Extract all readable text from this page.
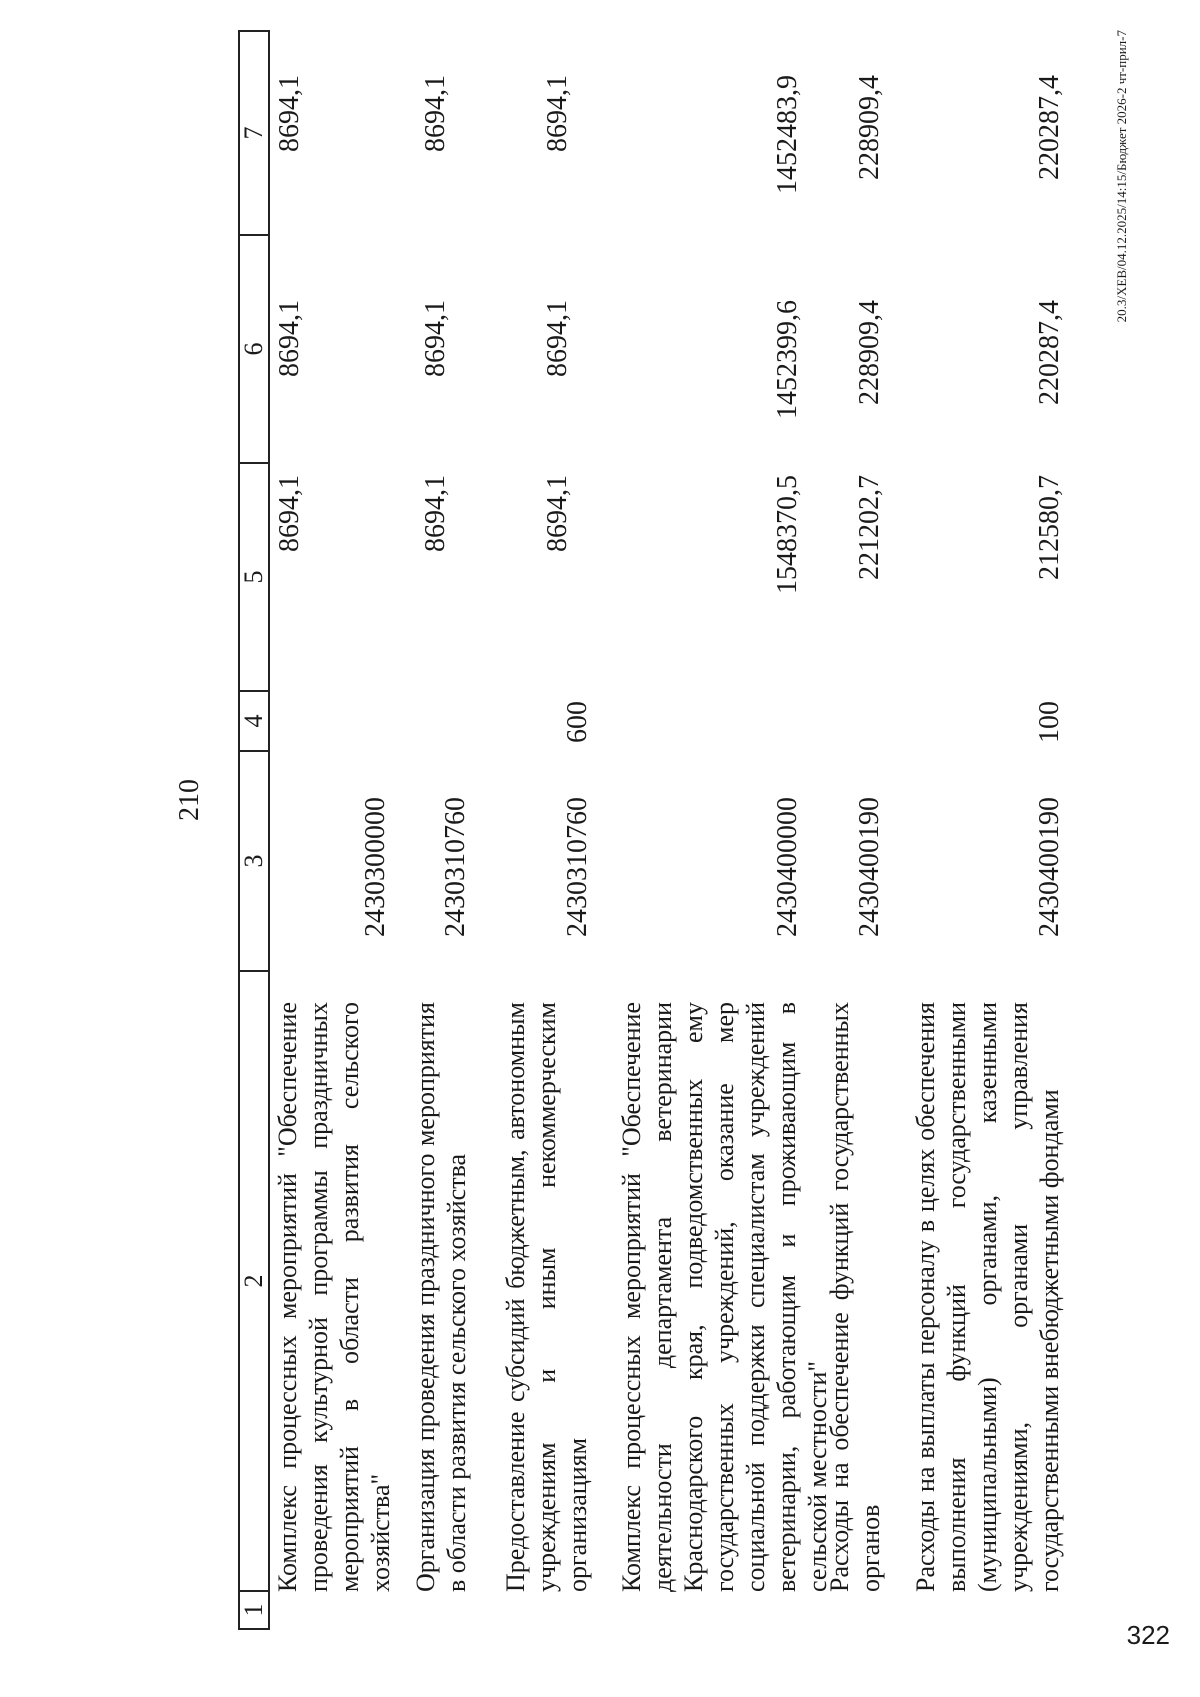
210
1
2
3
4
5
6
7
Комплекс процессных мероприятий "Обеспечение проведения культурной программы праздничных мероприятий в области развития сельского хозяйства"
2430300000
8694,1
8694,1
8694,1
Организация проведения праздничного мероприятия в области развития сельского хозяйства
2430310760
8694,1
8694,1
8694,1
Предоставление субсидий бюджетным, автономным учреждениям и иным некоммерческим организациям
2430310760
600
8694,1
8694,1
8694,1
Комплекс процессных мероприятий "Обеспечение деятельности департамента ветеринарии Краснодарского края, подведомственных ему государственных учреждений, оказание мер социальной поддержки специалистам учреждений ветеринарии, работающим и проживающим в сельской местности"
2430400000
1548370,5
1452399,6
1452483,9
Расходы на обеспечение функций государственных органов
2430400190
221202,7
228909,4
228909,4
Расходы на выплаты персоналу в целях обеспечения выполнения функций государственными (муниципальными) органами, казенными учреждениями, органами управления государственными внебюджетными фондами
2430400190
100
212580,7
220287,4
220287,4	20.3/ХЕВ/04.12.2025/14:15/Бюджет 2026-2 чт-прил-7
322
